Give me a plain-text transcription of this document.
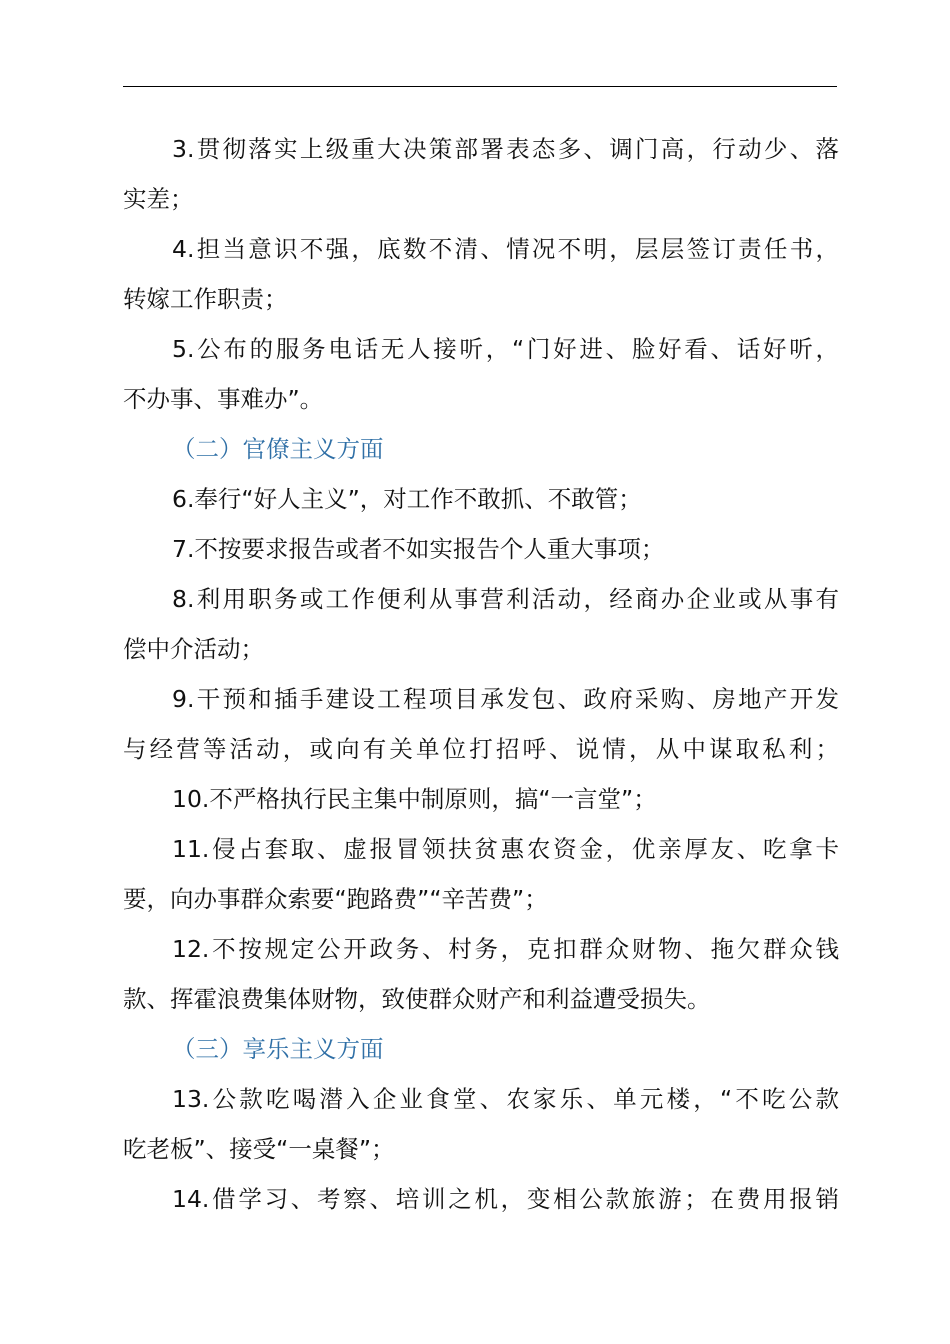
3.贯彻落实上级重大决策部署表态多、调门高，行动少、落
实差；
4.担当意识不强，底数不清、情况不明，层层签订责任书，
转嫁工作职责；
5.公布的服务电话无人接听，“门好进、脸好看、话好听，
不办事、事难办”。
（二）官僚主义方面
6.奉行“好人主义”，对工作不敢抓、不敢管；
7.不按要求报告或者不如实报告个人重大事项；
8.利用职务或工作便利从事营利活动，经商办企业或从事有
偿中介活动；
9.干预和插手建设工程项目承发包、政府采购、房地产开发
与经营等活动，或向有关单位打招呼、说情，从中谋取私利；
10.不严格执行民主集中制原则，搞“一言堂”；
11.侵占套取、虚报冒领扶贫惠农资金，优亲厚友、吃拿卡
要，向办事群众索要“跑路费”“辛苦费”；
12.不按规定公开政务、村务，克扣群众财物、拖欠群众钱
款、挥霍浪费集体财物，致使群众财产和利益遭受损失。
（三）享乐主义方面
13.公款吃喝潜入企业食堂、农家乐、单元楼，“不吃公款
吃老板”、接受“一桌餐”；
14.借学习、考察、培训之机，变相公款旅游；在费用报销
